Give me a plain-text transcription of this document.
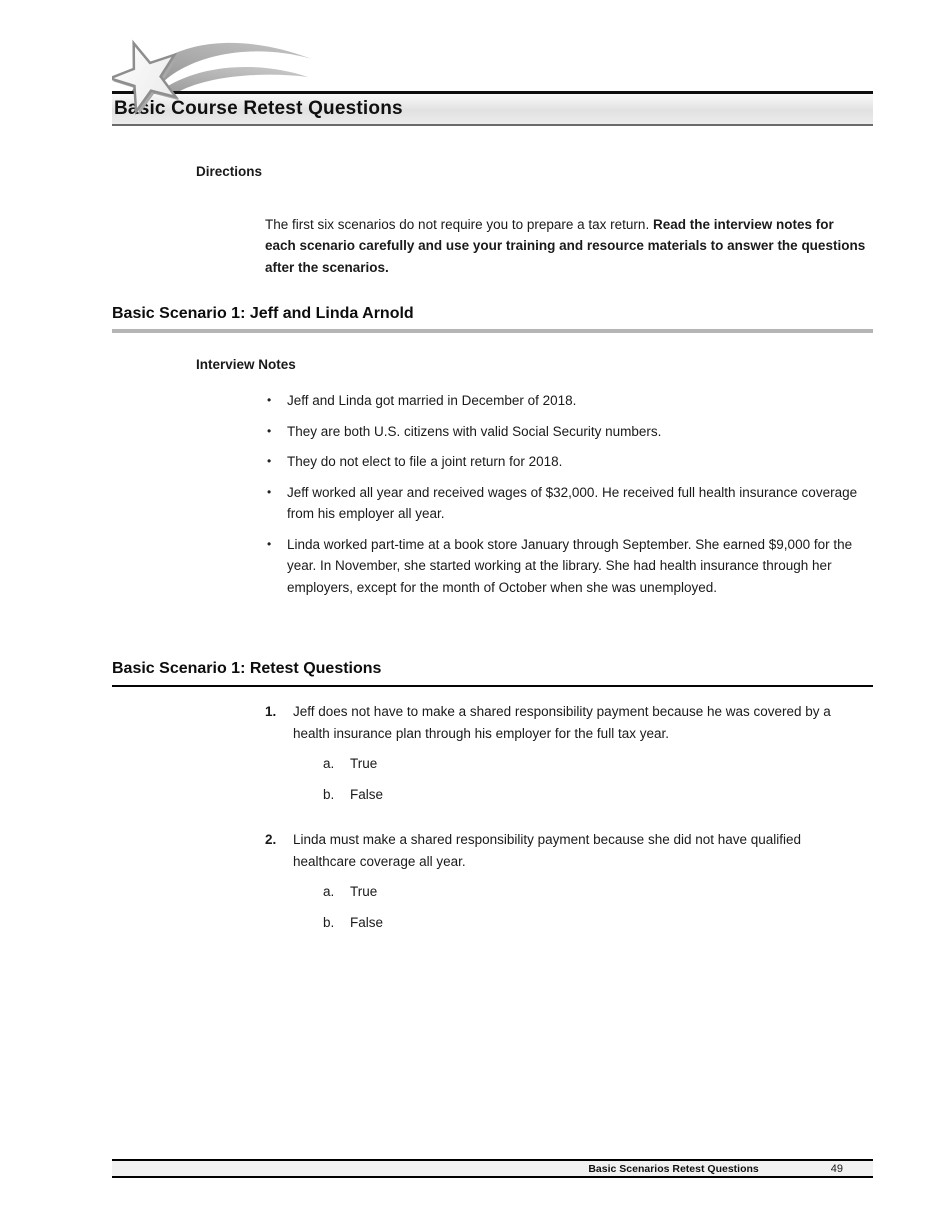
Basic Course Retest Questions
Directions

The first six scenarios do not require you to prepare a tax return. Read the interview notes for each scenario carefully and use your training and resource materials to answer the questions after the scenarios.

Basic Scenario 1: Jeff and Linda Arnold
Interview Notes
• Jeff and Linda got married in December of 2018.
• They are both U.S. citizens with valid Social Security numbers.
• They do not elect to file a joint return for 2018.
• Jeff worked all year and received wages of $32,000. He received full health insurance coverage from his employer all year.
• Linda worked part-time at a book store January through September. She earned $9,000 for the year. In November, she started working at the library. She had health insurance through her employers, except for the month of October when she was unemployed.
Basic Scenario 1: Retest Questions
1. Jeff does not have to make a shared responsibility payment because he was covered by a health insurance plan through his employer for the full tax year.
a. True
b. False
2. Linda must make a shared responsibility payment because she did not have qualified healthcare coverage all year.
a. True
b. False
Basic Scenarios Retest Questions	49
